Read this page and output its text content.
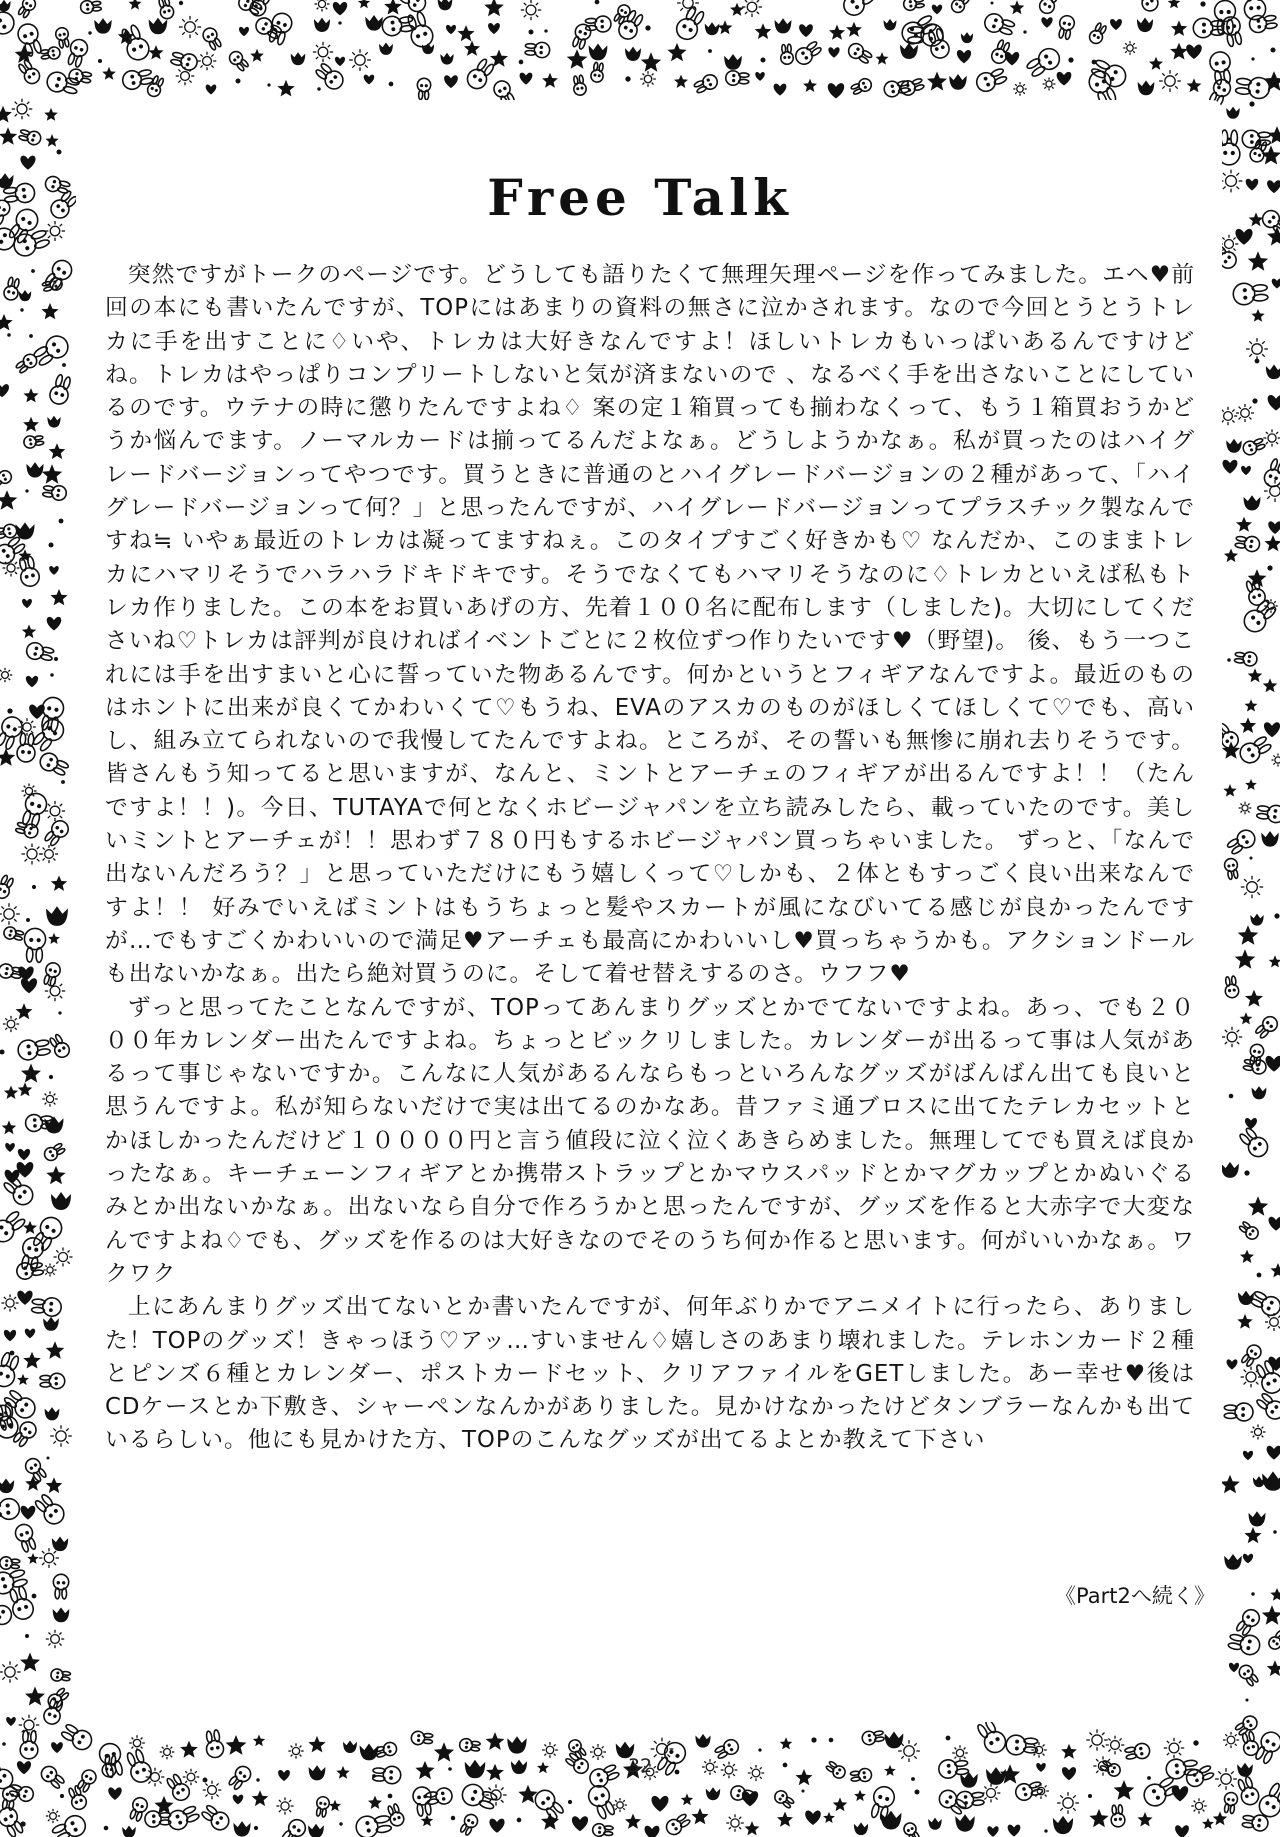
Free Talk

突然ですがトークのページです。どうしても語りたくて無理矢理ページを作ってみました。エヘ♥前回の本にも書いたんですが、TOPにはあまりの資料の無さに泣かされます。なので今回とうとうトレカに手を出すことに♢いや、トレカは大好きなんですよ！ほしいトレカもいっぱいあるんですけどね。トレカはやっぱりコンプリートしないと気が済まないので 、なるべく手を出さないことにしているのです。ウテナの時に懲りたんですよね♢ 案の定１箱買っても揃わなくって、もう１箱買おうかどうか悩んでます。ノーマルカードは揃ってるんだよなぁ。どうしようかなぁ。私が買ったのはハイグレードバージョンってやつです。買うときに普通のとハイグレードバージョンの２種があって、「ハイグレードバージョンって何？」と思ったんですが、ハイグレードバージョンってプラスチック製なんですね≒ いやぁ最近のトレカは凝ってますねぇ。このタイプすごく好きかも♡ なんだか、このままトレカにハマリそうでハラハラドキドキです。そうでなくてもハマリそうなのに♢トレカといえば私もトレカ作りました。この本をお買いあげの方、先着１００名に配布します（しました)。大切にしてくださいね♡トレカは評判が良ければイベントごとに２枚位ずつ作りたいです♥（野望)。 後、もう一つこれには手を出すまいと心に誓っていた物あるんです。何かというとフィギアなんですよ。最近のものはホントに出来が良くてかわいくて♡もうね、EVAのアスカのものがほしくてほしくて♡でも、高いし、組み立てられないので我慢してたんですよね。ところが、その誓いも無惨に崩れ去りそうです。皆さんもう知ってると思いますが、なんと、ミントとアーチェのフィギアが出るんですよ！！（たんですよ！！)。今日、TUTAYAで何となくホビージャパンを立ち読みしたら、載っていたのです。美しいミントとアーチェが！！思わず７８０円もするホビージャパン買っちゃいました。 ずっと、「なんで出ないんだろう？」と思っていただけにもう嬉しくって♡しかも、２体ともすっごく良い出来なんですよ！！ 好みでいえばミントはもうちょっと髪やスカートが風になびいてる感じが良かったんですが…でもすごくかわいいので満足♥アーチェも最高にかわいいし♥買っちゃうかも。アクションドールも出ないかなぁ。出たら絶対買うのに。そして着せ替えするのさ。ウフフ♥

ずっと思ってたことなんですが、TOPってあんまりグッズとかでてないですよね。あっ、でも２０００年カレンダー出たんですよね。ちょっとビックリしました。カレンダーが出るって事は人気があるって事じゃないですか。こんなに人気があるんならもっといろんなグッズがばんばん出ても良いと思うんですよ。私が知らないだけで実は出てるのかなあ。昔ファミ通ブロスに出てたテレカセットとかほしかったんだけど１００００円と言う値段に泣く泣くあきらめました。無理してでも買えば良かったなぁ。キーチェーンフィギアとか携帯ストラップとかマウスパッドとかマグカップとかぬいぐるみとか出ないかなぁ。出ないなら自分で作ろうかと思ったんですが、グッズを作ると大赤字で大変なんですよね♢でも、グッズを作るのは大好きなのでそのうち何か作ると思います。何がいいかなぁ。ワクワク

上にあんまりグッズ出てないとか書いたんですが、何年ぶりかでアニメイトに行ったら、ありました！TOPのグッズ！きゃっほう♡アッ…すいません♢嬉しさのあまり壊れました。テレホンカード２種とピンズ６種とカレンダー、ポストカードセット、クリアファイルをGETしました。あー幸せ♥後はCDケースとか下敷き、シャーペンなんかがありました。見かけなかったけどタンブラーなんかも出ているらしい。他にも見かけた方、TOPのこんなグッズが出てるよとか教えて下さい

《Part2へ続く》
32
